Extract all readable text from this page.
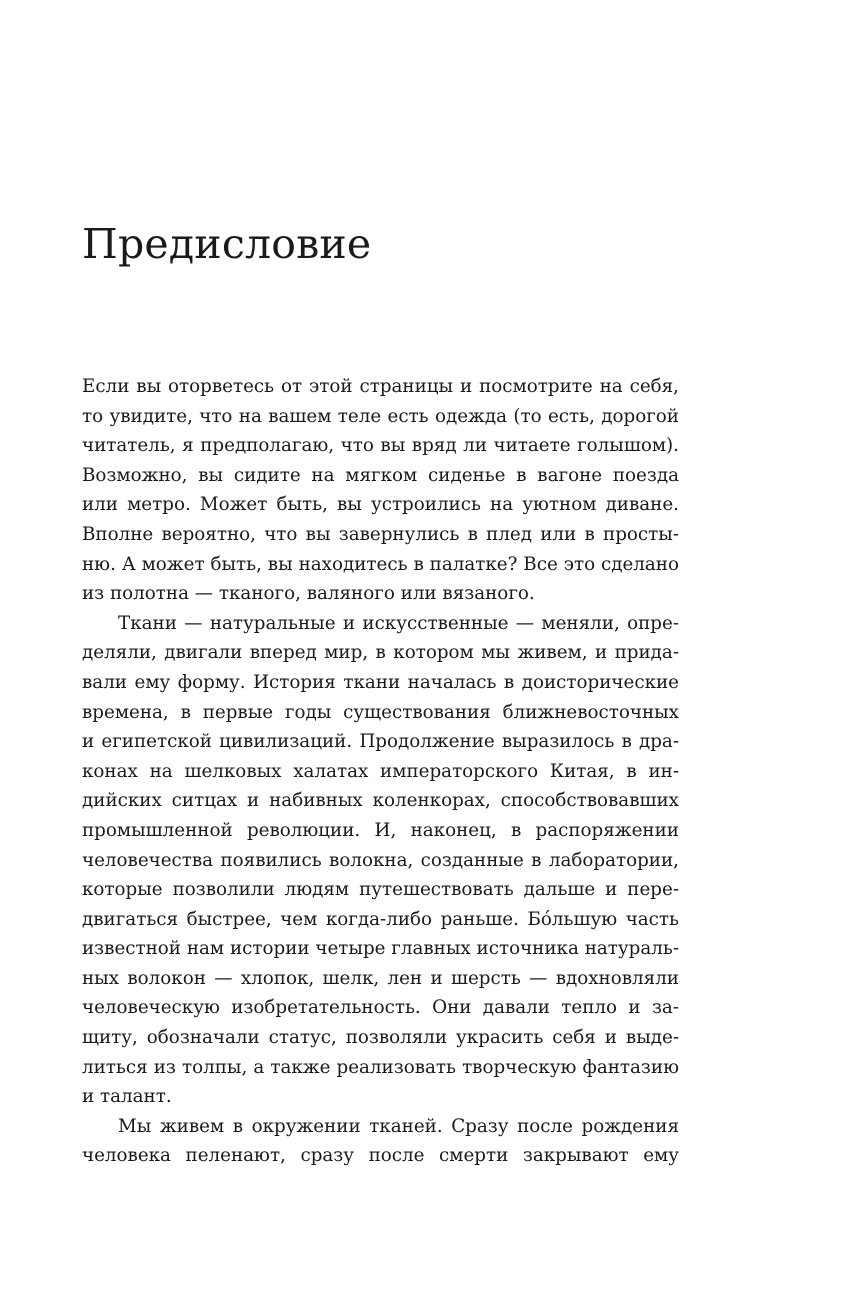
Предисловие
Если вы оторветесь от этой страницы и посмотрите на себя,
то увидите, что на вашем теле есть одежда (то есть, дорогой
читатель, я предполагаю, что вы вряд ли читаете голышом).
Возможно, вы сидите на мягком сиденье в вагоне поезда
или метро. Может быть, вы устроились на уютном диване.
Вполне вероятно, что вы завернулись в плед или в просты-
ню. А может быть, вы находитесь в палатке? Все это сделано
из полотна — тканого, валяного или вязаного.
Ткани — натуральные и искусственные — меняли, опре-
деляли, двигали вперед мир, в котором мы живем, и прида-
вали ему форму. История ткани началась в доисторические
времена, в первые годы существования ближневосточных
и египетской цивилизаций. Продолжение выразилось в дра-
конах на шелковых халатах императорского Китая, в ин-
дийских ситцах и набивных коленкорах, способствовавших
промышленной революции. И, наконец, в распоряжении
человечества появились волокна, созданные в лаборатории,
которые позволили людям путешествовать дальше и пере-
двигаться быстрее, чем когда-либо раньше. Бо́льшую часть
известной нам истории четыре главных источника натураль-
ных волокон — хлопок, шелк, лен и шерсть — вдохновляли
человеческую изобретательность. Они давали тепло и за-
щиту, обозначали статус, позволяли украсить себя и выде-
литься из толпы, а также реализовать творческую фантазию
и талант.
Мы живем в окружении тканей. Сразу после рождения
человека пеленают, сразу после смерти закрывают ему
